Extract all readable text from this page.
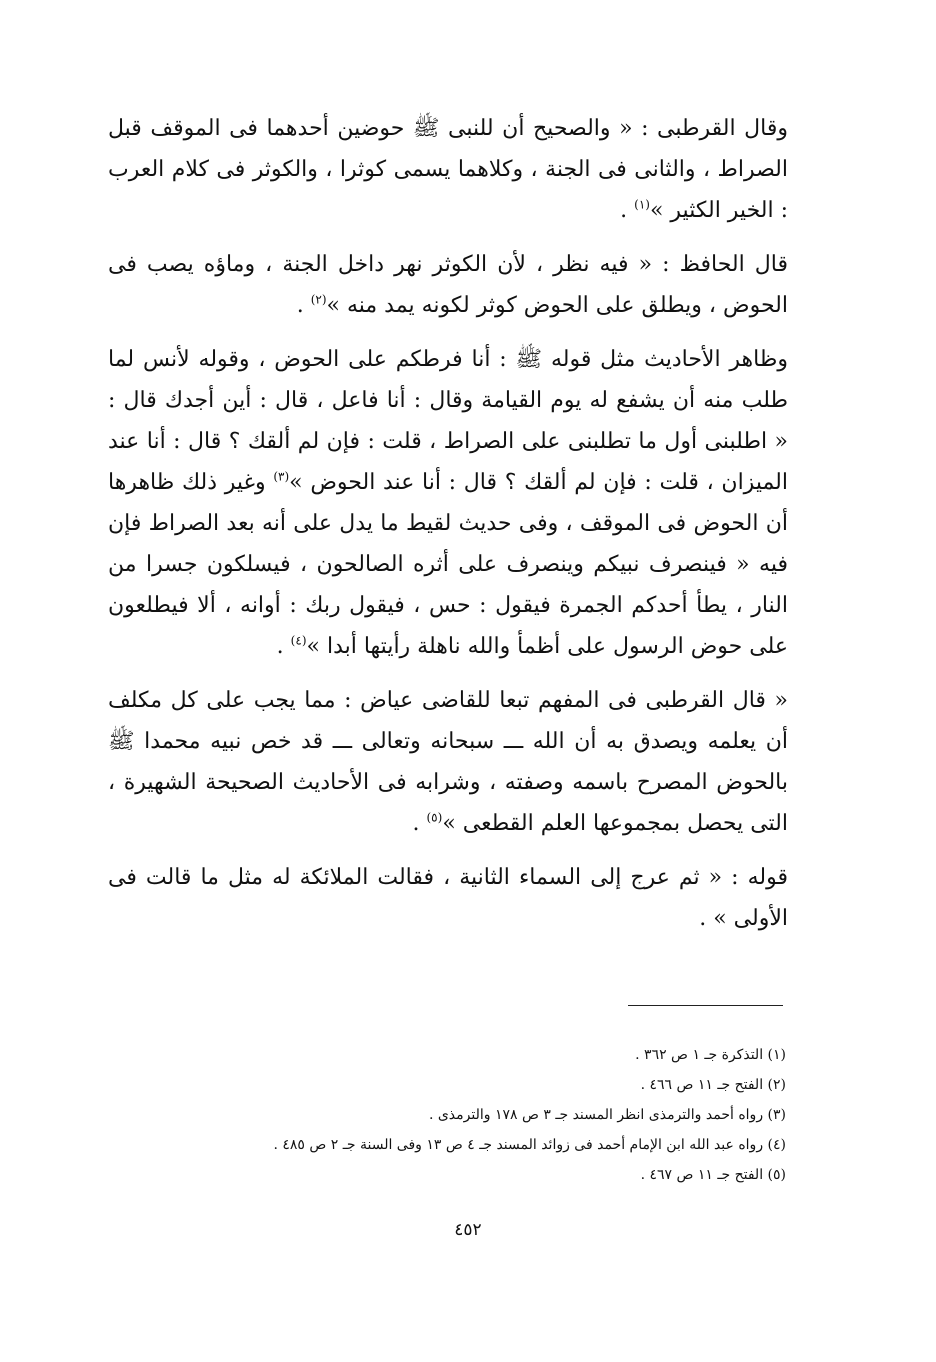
وقال القرطبى : « والصحيح أن للنبى ﷺ حوضين أحدهما فى الموقف قبل الصراط ، والثانى فى الجنة ، وكلاهما يسمى كوثرا ، والكوثر فى كلام العرب : الخير الكثير »$^{(١)}$ .

قال الحافظ : « فيه نظر ، لأن الكوثر نهر داخل الجنة ، وماؤه يصب فى الحوض ، ويطلق على الحوض كوثر لكونه يمد منه »$^{(٢)}$ .

وظاهر الأحاديث مثل قوله ﷺ : أنا فرطكم على الحوض ، وقوله لأنس لما طلب منه أن يشفع له يوم القيامة وقال : أنا فاعل ، قال : أين أجدك قال : « اطلبنى أول ما تطلبنى على الصراط ، قلت : فإن لم ألقك ؟ قال : أنا عند الميزان ، قلت : فإن لم ألقك ؟ قال : أنا عند الحوض »$^{(٣)}$ وغير ذلك ظاهرها أن الحوض فى الموقف ، وفى حديث لقيط ما يدل على أنه بعد الصراط فإن فيه « فينصرف نبيكم وينصرف على أثره الصالحون ، فيسلكون جسرا من النار ، يطأ أحدكم الجمرة فيقول : حس ، فيقول ربك : أوانه ، ألا فيطلعون على حوض الرسول على أظمأ والله ناهلة رأيتها أبدا »$^{(٤)}$ .

« قال القرطبى فى المفهم تبعا للقاضى عياض : مما يجب على كل مكلف أن يعلمه ويصدق به أن الله ـــ سبحانه وتعالى ـــ قد خص نبيه محمدا ﷺ بالحوض المصرح باسمه وصفته ، وشرابه فى الأحاديث الصحيحة الشهيرة ، التى يحصل بمجموعها العلم القطعى »$^{(٥)}$ .

قوله : « ثم عرج إلى السماء الثانية ، فقالت الملائكة له مثل ما قالت فى الأولى » .

(١) التذكرة جـ ١ ص ٣٦٢ .
(٢) الفتح جـ ١١ ص ٤٦٦ .
(٣) رواه أحمد والترمذى انظر المسند جـ ٣ ص ١٧٨ والترمذى .
(٤) رواه عبد الله ابن الإمام أحمد فى زوائد المسند جـ ٤ ص ١٣ وفى السنة جـ ٢ ص ٤٨٥ .
(٥) الفتح جـ ١١ ص ٤٦٧ .
٤٥٢
